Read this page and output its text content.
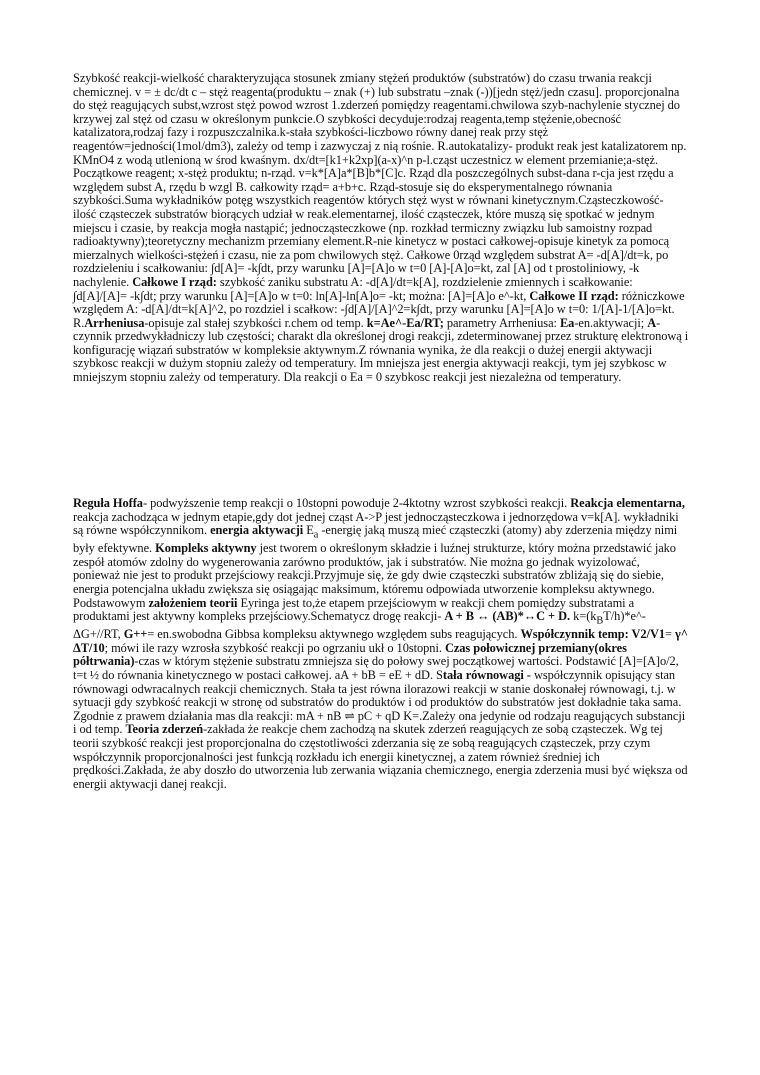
Szybkość reakcji-wielkość charakteryzująca stosunek zmiany stężeń produktów (substratów) do czasu trwania reakcji chemicznej. v = ± dc/dt c – stęż reagenta(produktu – znak (+) lub substratu –znak (-))[jedn stęż/jedn czasu]. proporcjonalna do stęż reagujących subst,wzrost stęż powod wzrost 1.zderzeń pomiędzy reagentami.chwilowa szyb-nachylenie stycznej do krzywej zal stęż od czasu w określonym punkcie.O szybkości decyduje:rodzaj reagenta,temp stężenie,obecność katalizatora,rodzaj fazy i rozpuszczalnika.k-stała szybkości-liczbowo równy danej reak przy stęż reagentów=jedności(1mol/dm3), zależy od temp i zazwyczaj z nią rośnie. R.autokatalizy- produkt reak jest katalizatorem np. KMnO4 z wodą utlenioną w środ kwaśnym. dx/dt=[k1+k2xp](a-x)^n p-l.cząst uczestnicz w element przemianie;a-stęż. Początkowe reagent; x-stęż produktu; n-rząd. v=k*[A]a*[B]b*[C]c. Rząd dla poszczególnych subst-dana r-cja jest rzędu a względem subst A, rzędu b wzgl B. całkowity rząd= a+b+c. Rząd-stosuje się do eksperymentalnego równania szybkości.Suma wykładników potęg wszystkich reagentów których stęż wyst w równani kinetycznym.Cząsteczkowość- ilość cząsteczek substratów biorących udział w reak.elementarnej, ilość cząsteczek, które muszą się spotkać w jednym miejscu i czasie, by reakcja mogła nastąpić; jednocząsteczkowe (np. rozkład termiczny związku lub samoistny rozpad radioaktywny);teoretyczny mechanizm przemiany element.R-nie kinetycz w postaci całkowej-opisuje kinetyk za pomocą mierzalnych wielkości-stężeń i czasu, nie za pom chwilowych stęż. Całkowe 0rząd względem substrat A= -d[A]/dt=k, po rozdzieleniu i scałkowaniu: ∫d[A]= -k∫dt, przy warunku [A]=[A]o w t=0 [A]-[A]o=kt, zal [A] od t prostoliniowy, -k nachylenie. Całkowe I rząd: szybkość zaniku substratu A: -d[A]/dt=k[A], rozdzielenie zmiennych i scałkowanie: ∫d[A]/[A]= -k∫dt; przy warunku [A]=[A]o w t=0: ln[A]-ln[A]o= -kt; można: [A]=[A]o e^-kt, Całkowe II rząd: różniczkowe względem A: -d[A]/dt=k[A]^2, po rozdziel i scałkow: -∫d[A]/[A]^2=k∫dt, przy warunku [A]=[A]o w t=0: 1/[A]-1/[A]o=kt. R.Arrheniusa-opisuje zal stałej szybkości r.chem od temp. k=Ae^-Ea/RT; parametry Arrheniusa: Ea-en.aktywacji; A-czynnik przedwykładniczy lub częstości; charakt dla określonej drogi reakcji, zdeterminowanej przez strukturę elektronową i konfigurację wiązań substratów w kompleksie aktywnym.Z równania wynika, że dla reakcji o dużej energii aktywacji szybkosc reakcji w dużym stopniu zależy od temperatury. Im mniejsza jest energia aktywacji reakcji, tym jej szybkosc w mniejszym stopniu zależy od temperatury. Dla reakcji o Ea = 0 szybkosc reakcji jest niezależna od temperatury.

Reguła Hoffa- podwyższenie temp reakcji o 10stopni powoduje 2-4ktotny wzrost szybkości reakcji. Reakcja elementarna, reakcja zachodząca w jednym etapie,gdy dot jednej cząst A->P jest jednocząsteczkowa i jednorzędowa v=k[A]. wykładniki są równe współczynnikom. energia aktywacji $E_a$ -energię jaką muszą mieć cząsteczki (atomy) aby zderzenia między nimi były efektywne. Kompleks aktywny jest tworem o określonym składzie i luźnej strukturze, który można przedstawić jako zespół atomów zdolny do wygenerowania zarówno produktów, jak i substratów. Nie można go jednak wyizolować, ponieważ nie jest to produkt przejściowy reakcji.Przyjmuje się, że gdy dwie cząsteczki substratów zbliżają się do siebie, energia potencjalna układu zwiększa się osiągając maksimum, któremu odpowiada utworzenie kompleksu aktywnego. Podstawowym założeniem teorii Eyringa jest to,że etapem przejściowym w reakcji chem pomiędzy substratami a produktami jest aktywny kompleks przejściowy.Schematycz drogę reakcji- A + B ↔ (AB)*↔C + D. $k=(k_BT/h)*e\^{}-\Delta G+//RT$, G++= en.swobodna Gibbsa kompleksu aktywnego względem subs reagujących. Współczynnik temp: V2/V1= γ^ ΔT/10; mówi ile razy wzrosła szybkość reakcji po ogrzaniu ukł o 10stopni. Czas połowicznej przemiany(okres półtrwania)-czas w którym stężenie substratu zmniejsza się do połowy swej początkowej wartości. Podstawić [A]=[A]o/2, t=t ½ do równania kinetycznego w postaci całkowej. aA + bB = eE + dD. Stała równowagi - współczynnik opisujący stan równowagi odwracalnych reakcji chemicznych. Stała ta jest równa ilorazowi reakcji w stanie doskonałej równowagi, t.j. w sytuacji gdy szybkość reakcji w stronę od substratów do produktów i od produktów do substratów jest dokładnie taka sama. Zgodnie z prawem działania mas dla reakcji: mA + nB ⇌ pC + qD K=.Zależy ona jedynie od rodzaju reagujących substancji i od temp. Teoria zderzeń-zakłada że reakcje chem zachodzą na skutek zderzeń reagujących ze sobą cząsteczek. Wg tej teorii szybkość reakcji jest proporcjonalna do częstotliwości zderzania się ze sobą reagujących cząsteczek, przy czym współczynnik proporcjonalności jest funkcją rozkładu ich energii kinetycznej, a zatem również średniej ich prędkości.Zakłada, że aby doszło do utworzenia lub zerwania wiązania chemicznego, energia zderzenia musi być większa od energii aktywacji danej reakcji.
